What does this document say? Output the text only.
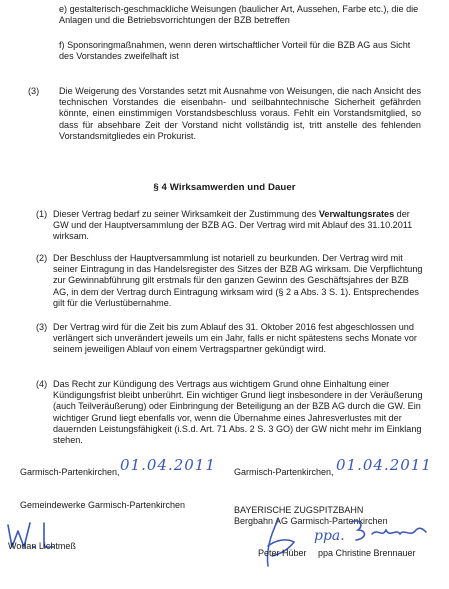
e) gestalterisch-geschmackliche Weisungen (baulicher Art, Aussehen, Farbe etc.), die die Anlagen und die Betriebsvorrichtungen der BZB betreffen

f) Sponsoringmaßnahmen, wenn deren wirtschaftlicher Vorteil für die BZB AG aus Sicht des Vorstandes zweifelhaft ist

(3) Die Weigerung des Vorstandes setzt mit Ausnahme von Weisungen, die nach Ansicht des technischen Vorstandes die eisenbahn- und seilbahntechnische Sicherheit gefährden könnte, einen einstimmigen Vorstandsbeschluss voraus. Fehlt ein Vorstandsmitglied, so dass für absehbare Zeit der Vorstand nicht vollständig ist, tritt anstelle des fehlenden Vorstandsmitgliedes ein Prokurist.

§ 4 Wirksamwerden und Dauer
(1) Dieser Vertrag bedarf zu seiner Wirksamkeit der Zustimmung des Verwaltungsrates der GW und der Hauptversammlung der BZB AG. Der Vertrag wird mit Ablauf des 31.10.2011 wirksam.

(2) Der Beschluss der Hauptversammlung ist notariell zu beurkunden. Der Vertrag wird mit seiner Eintragung in das Handelsregister des Sitzes der BZB AG wirksam. Die Verpflichtung zur Gewinnabführung gilt erstmals für den ganzen Gewinn des Geschäftsjahres der BZB AG, in dem der Vertrag durch Eintragung wirksam wird (§ 2 a Abs. 3 S. 1). Entsprechendes gilt für die Verlustübernahme.

(3) Der Vertrag wird für die Zeit bis zum Ablauf des 31. Oktober 2016 fest abgeschlossen und verlängert sich unverändert jeweils um ein Jahr, falls er nicht spätestens sechs Monate vor seinem jeweiligen Ablauf von einem Vertragspartner gekündigt wird.

(4) Das Recht zur Kündigung des Vertrags aus wichtigem Grund ohne Einhaltung einer Kündigungsfrist bleibt unberührt. Ein wichtiger Grund liegt insbesondere in der Veräußerung (auch Teilveräußerung) oder Einbringung der Beteiligung an der BZB AG durch die GW. Ein wichtiger Grund liegt ebenfalls vor, wenn die Übernahme eines Jahresverlustes mit der dauernden Leistungsfähigkeit (i.S.d. Art. 71 Abs. 2 S. 3 GO) der GW nicht mehr im Einklang stehen.

Garmisch-Partenkirchen, 01.04.2011
Gemeindewerke Garmisch-Partenkirchen
Wodan Lichtmeß
Garmisch-Partenkirchen, 01.04.2011
BAYERISCHE ZUGSPITZBAHN
Bergbahn AG Garmisch-Partenkirchen
ppa.
Peter Hüber ppa Christine Brennauer
